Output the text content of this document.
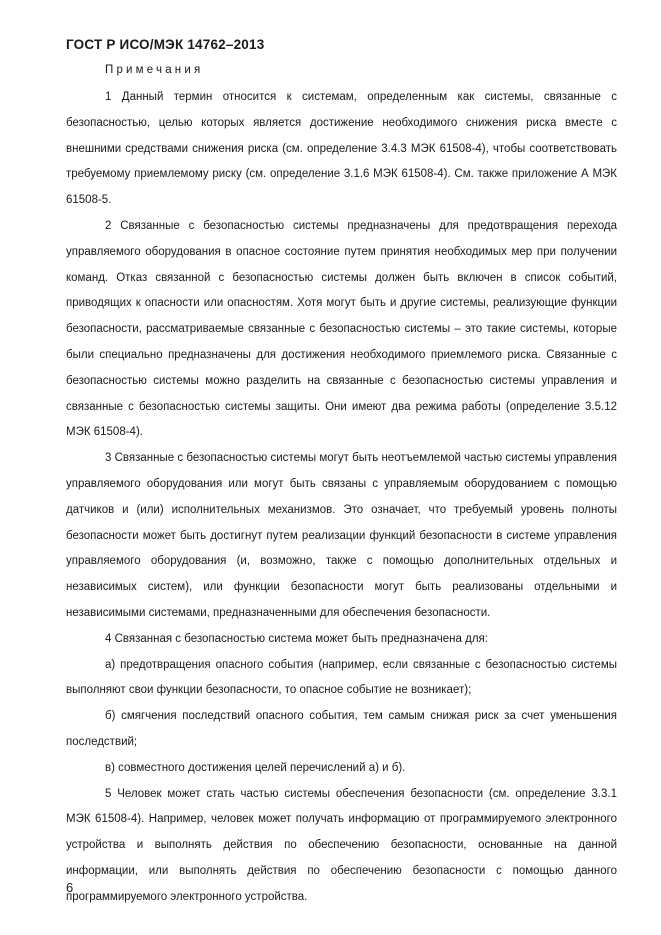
ГОСТ Р ИСО/МЭК 14762–2013
Примечания

1 Данный термин относится к системам, определенным как системы, связанные с безопасностью, целью которых является достижение необходимого снижения риска вместе с внешними средствами снижения риска (см. определение 3.4.3 МЭК 61508-4), чтобы соответствовать требуемому приемлемому риску (см. определение 3.1.6 МЭК 61508-4). См. также приложение А МЭК 61508-5.

2 Связанные с безопасностью системы предназначены для предотвращения перехода управляемого оборудования в опасное состояние путем принятия необходимых мер при получении команд. Отказ связанной с безопасностью системы должен быть включен в список событий, приводящих к опасности или опасностям. Хотя могут быть и другие системы, реализующие функции безопасности, рассматриваемые связанные с безопасностью системы – это такие системы, которые были специально предназначены для достижения необходимого приемлемого риска. Связанные с безопасностью системы можно разделить на связанные с безопасностью системы управления и связанные с безопасностью системы защиты. Они имеют два режима работы (определение 3.5.12 МЭК 61508-4).

3 Связанные с безопасностью системы могут быть неотъемлемой частью системы управления управляемого оборудования или могут быть связаны с управляемым оборудованием с помощью датчиков и (или) исполнительных механизмов. Это означает, что требуемый уровень полноты безопасности может быть достигнут путем реализации функций безопасности в системе управления управляемого оборудования (и, возможно, также с помощью дополнительных отдельных и независимых систем), или функции безопасности могут быть реализованы отдельными и независимыми системами, предназначенными для обеспечения безопасности.

4 Связанная с безопасностью система может быть предназначена для:

а) предотвращения опасного события (например, если связанные с безопасностью системы выполняют свои функции безопасности, то опасное событие не возникает);

б) смягчения последствий опасного события, тем самым снижая риск за счет уменьшения последствий;

в) совместного достижения целей перечислений а) и б).

5 Человек может стать частью системы обеспечения безопасности (см. определение 3.3.1 МЭК 61508-4). Например, человек может получать информацию от программируемого электронного устройства и выполнять действия по обеспечению безопасности, основанные на данной информации, или выполнять действия по обеспечению безопасности с помощью данного программируемого электронного устройства.

6
